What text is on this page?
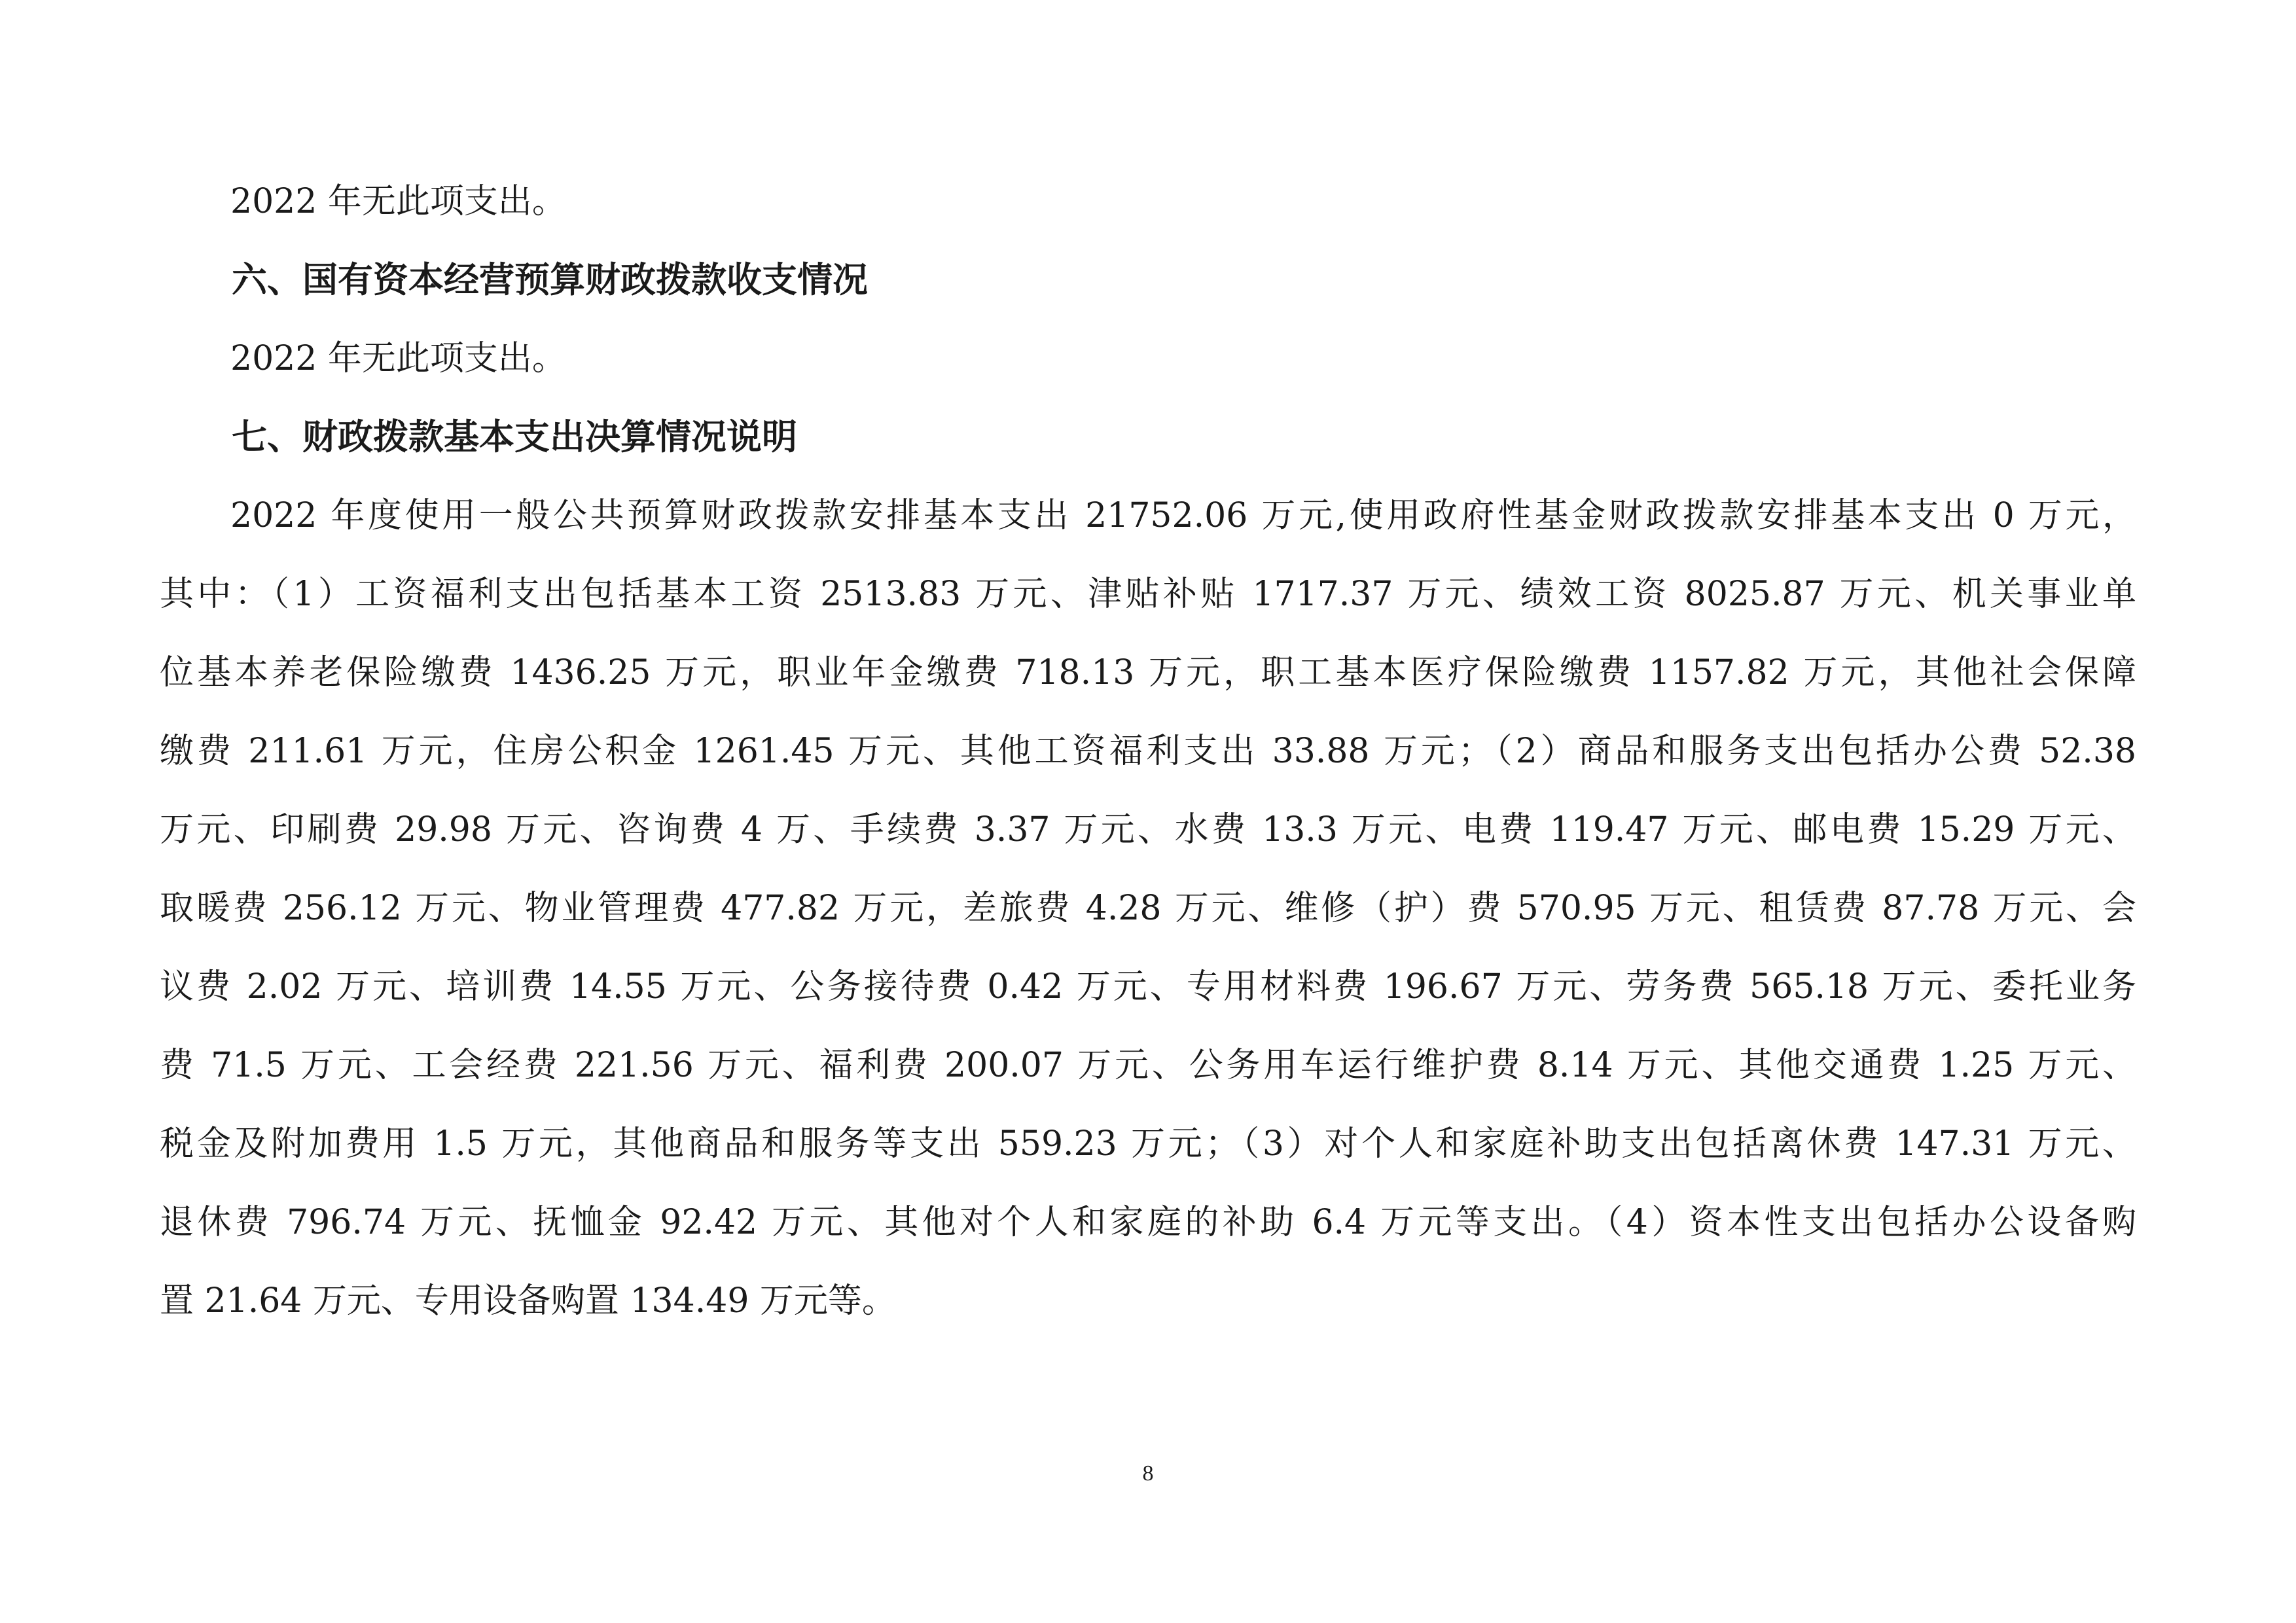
2022 年无此项支出。
六、国有资本经营预算财政拨款收支情况
2022 年无此项支出。
七、财政拨款基本支出决算情况说明
2022 年度使用一般公共预算财政拨款安排基本支出 21752.06 万元,使用政府性基金财政拨款安排基本支出 0 万元，
其中：（1）工资福利支出包括基本工资 2513.83 万元、津贴补贴 1717.37 万元、绩效工资 8025.87 万元、机关事业单
位基本养老保险缴费 1436.25 万元，职业年金缴费 718.13 万元，职工基本医疗保险缴费 1157.82 万元，其他社会保障
缴费 211.61 万元，住房公积金 1261.45 万元、其他工资福利支出 33.88 万元；（2）商品和服务支出包括办公费 52.38
万元、印刷费 29.98 万元、咨询费 4 万、手续费 3.37 万元、水费 13.3 万元、电费 119.47 万元、邮电费 15.29 万元、
取暖费 256.12 万元、物业管理费 477.82 万元，差旅费 4.28 万元、维修（护）费 570.95 万元、租赁费 87.78 万元、会
议费 2.02 万元、培训费 14.55 万元、公务接待费 0.42 万元、专用材料费 196.67 万元、劳务费 565.18 万元、委托业务
费 71.5 万元、工会经费 221.56 万元、福利费 200.07 万元、公务用车运行维护费 8.14 万元、其他交通费 1.25 万元、
税金及附加费用 1.5 万元，其他商品和服务等支出 559.23 万元；（3）对个人和家庭补助支出包括离休费 147.31 万元、
退休费 796.74 万元、抚恤金 92.42 万元、其他对个人和家庭的补助 6.4 万元等支出。（4）资本性支出包括办公设备购
置 21.64 万元、专用设备购置 134.49 万元等。
8
